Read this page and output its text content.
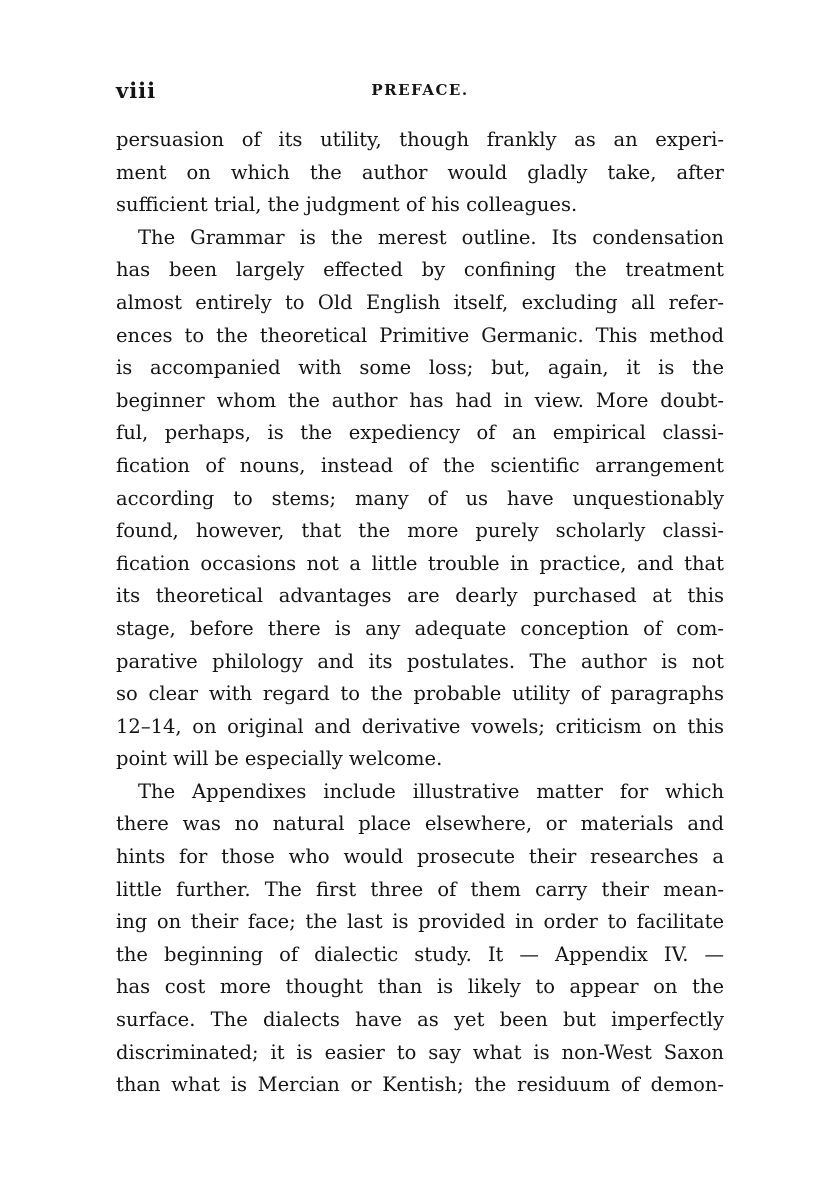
viii	PREFACE.
persuasion of its utility, though frankly as an experi-
ment on which the author would gladly take, after
sufficient trial, the judgment of his colleagues.
The Grammar is the merest outline. Its condensation
has been largely effected by confining the treatment
almost entirely to Old English itself, excluding all refer-
ences to the theoretical Primitive Germanic. This method
is accompanied with some loss; but, again, it is the
beginner whom the author has had in view. More doubt-
ful, perhaps, is the expediency of an empirical classi-
fication of nouns, instead of the scientific arrangement
according to stems; many of us have unquestionably
found, however, that the more purely scholarly classi-
fication occasions not a little trouble in practice, and that
its theoretical advantages are dearly purchased at this
stage, before there is any adequate conception of com-
parative philology and its postulates. The author is not
so clear with regard to the probable utility of paragraphs
12–14, on original and derivative vowels; criticism on this
point will be especially welcome.
The Appendixes include illustrative matter for which
there was no natural place elsewhere, or materials and
hints for those who would prosecute their researches a
little further. The first three of them carry their mean-
ing on their face; the last is provided in order to facilitate
the beginning of dialectic study. It — Appendix IV. —
has cost more thought than is likely to appear on the
surface. The dialects have as yet been but imperfectly
discriminated; it is easier to say what is non-West Saxon
than what is Mercian or Kentish; the residuum of demon-
